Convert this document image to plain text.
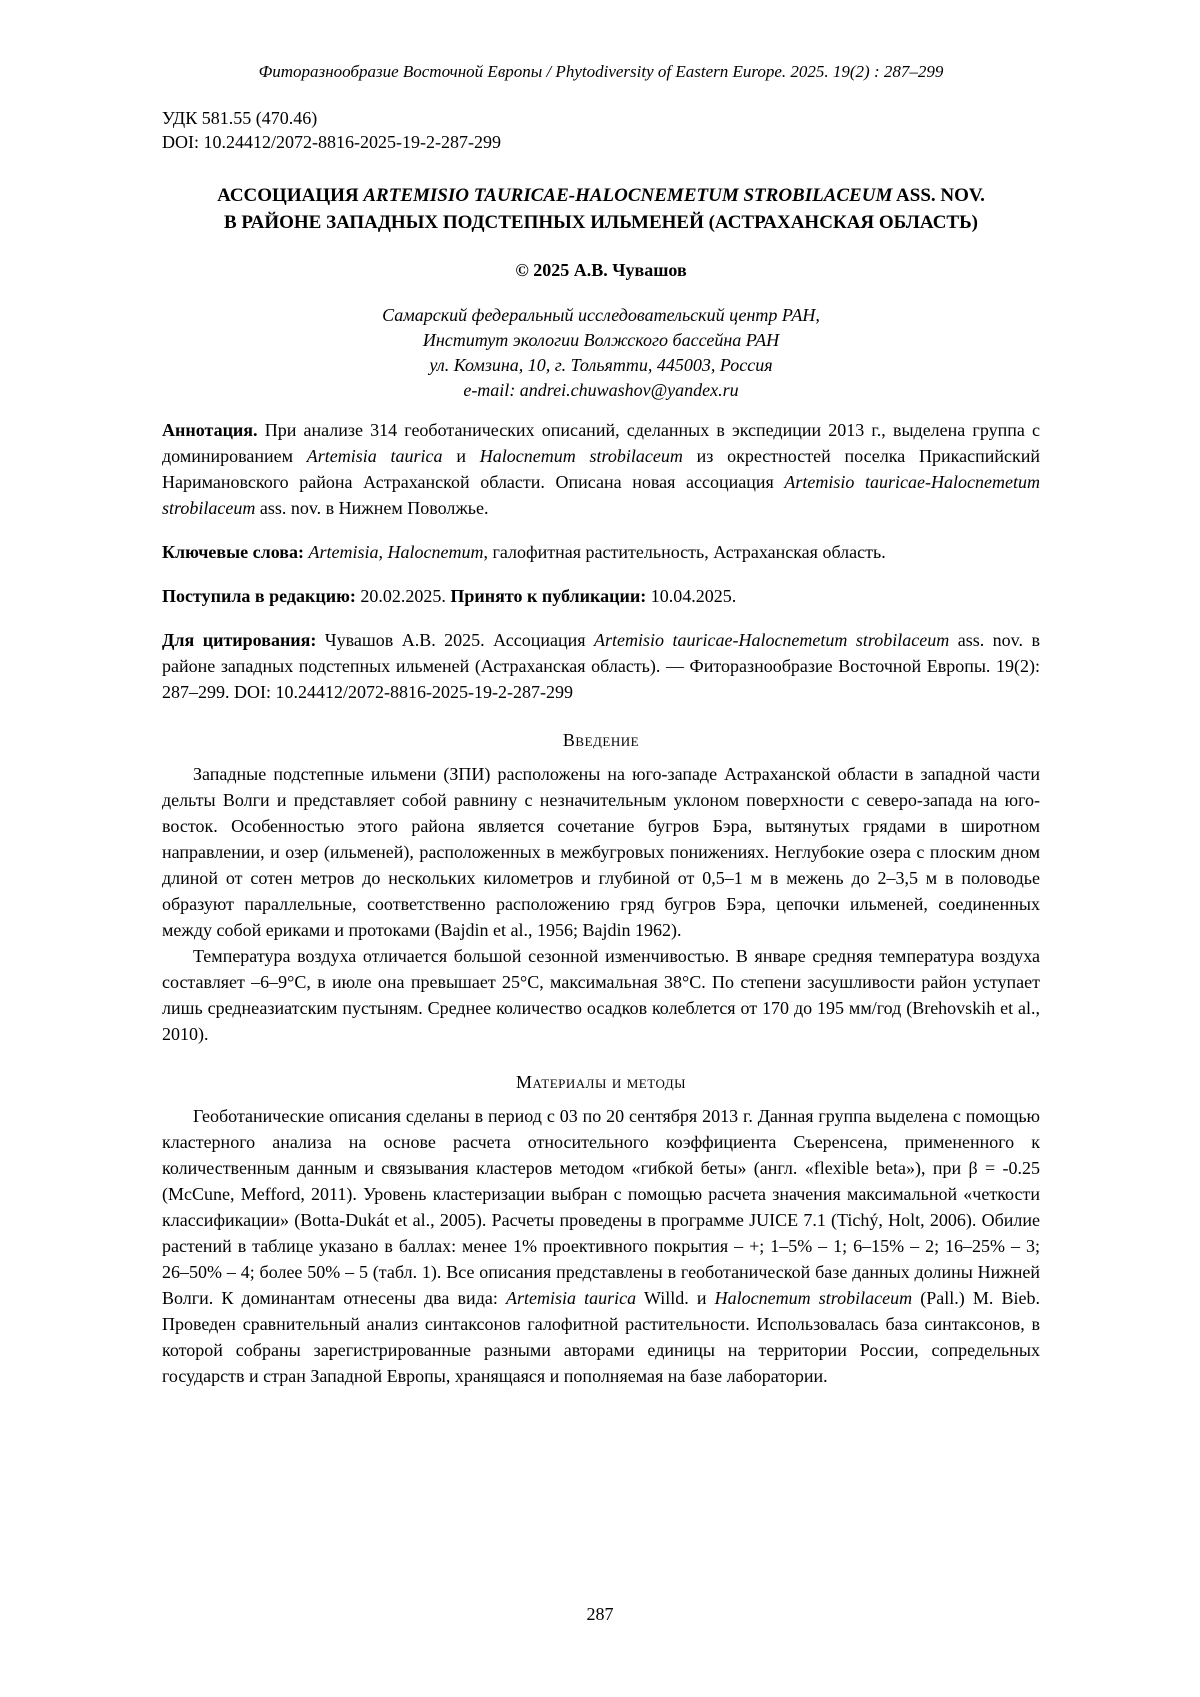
Фиторазнообразие Восточной Европы / Phytodiversity of Eastern Europe. 2025. 19(2) : 287–299
УДК 581.55 (470.46)
DOI: 10.24412/2072-8816-2025-19-2-287-299
АССОЦИАЦИЯ ARTEMISIO TAURICAE-HALOCNEMETUM STROBILACEUM ASS. NOV.
В РАЙОНЕ ЗАПАДНЫХ ПОДСТЕПНЫХ ИЛЬМЕНЕЙ (АСТРАХАНСКАЯ ОБЛАСТЬ)
© 2025 А.В. Чувашов
Самарский федеральный исследовательский центр РАН,
Институт экологии Волжского бассейна РАН
ул. Комзина, 10, г. Тольятти, 445003, Россия
e-mail: andrei.chuwashov@yandex.ru
Аннотация. При анализе 314 геоботанических описаний, сделанных в экспедиции 2013 г., выделена группа с доминированием Artemisia taurica и Halocnemum strobilaceum из окрестностей поселка Прикаспийский Наримановского района Астраханской области. Описана новая ассоциация Artemisio tauricae-Halocnemetum strobilaceum ass. nov. в Нижнем Поволжье.
Ключевые слова: Artemisia, Halocnemum, галофитная растительность, Астраханская область.
Поступила в редакцию: 20.02.2025. Принято к публикации: 10.04.2025.
Для цитирования: Чувашов А.В. 2025. Ассоциация Artemisio tauricae-Halocnemetum strobilaceum ass. nov. в районе западных подстепных ильменей (Астраханская область). — Фиторазнообразие Восточной Европы. 19(2): 287–299. DOI: 10.24412/2072-8816-2025-19-2-287-299
Введение

Западные подстепные ильмени (ЗПИ) расположены на юго-западе Астраханской области в западной части дельты Волги и представляет собой равнину с незначительным уклоном поверхности с северо-запада на юго-восток. Особенностью этого района является сочетание бугров Бэра, вытянутых грядами в широтном направлении, и озер (ильменей), расположенных в межбугровых понижениях. Неглубокие озера с плоским дном длиной от сотен метров до нескольких километров и глубиной от 0,5–1 м в межень до 2–3,5 м в половодье образуют параллельные, соответственно расположению гряд бугров Бэра, цепочки ильменей, соединенных между собой ериками и протоками (Bajdin et al., 1956; Bajdin 1962).

Температура воздуха отличается большой сезонной изменчивостью. В январе средняя температура воздуха составляет –6–9°С, в июле она превышает 25°С, максимальная 38°С. По степени засушливости район уступает лишь среднеазиатским пустыням. Среднее количество осадков колеблется от 170 до 195 мм/год (Brehovskih et al., 2010).

Материалы и методы

Геоботанические описания сделаны в период с 03 по 20 сентября 2013 г. Данная группа выделена с помощью кластерного анализа на основе расчета относительного коэффициента Съеренсена, примененного к количественным данным и связывания кластеров методом «гибкой беты» (англ. «flexible beta»), при β = -0.25 (McCune, Mefford, 2011). Уровень кластеризации выбран с помощью расчета значения максимальной «четкости классификации» (Botta-Dukát et al., 2005). Расчеты проведены в программе JUICE 7.1 (Tichý, Holt, 2006). Обилие растений в таблице указано в баллах: менее 1% проективного покрытия – +; 1–5% – 1; 6–15% – 2; 16–25% – 3; 26–50% – 4; более 50% – 5 (табл. 1). Все описания представлены в геоботанической базе данных долины Нижней Волги. К доминантам отнесены два вида: Artemisia taurica Willd. и Halocnemum strobilaceum (Pall.) M. Bieb. Проведен сравнительный анализ синтаксонов галофитной растительности. Использовалась база синтаксонов, в которой собраны зарегистрированные разными авторами единицы на территории России, сопредельных государств и стран Западной Европы, хранящаяся и пополняемая на базе лаборатории.

287
